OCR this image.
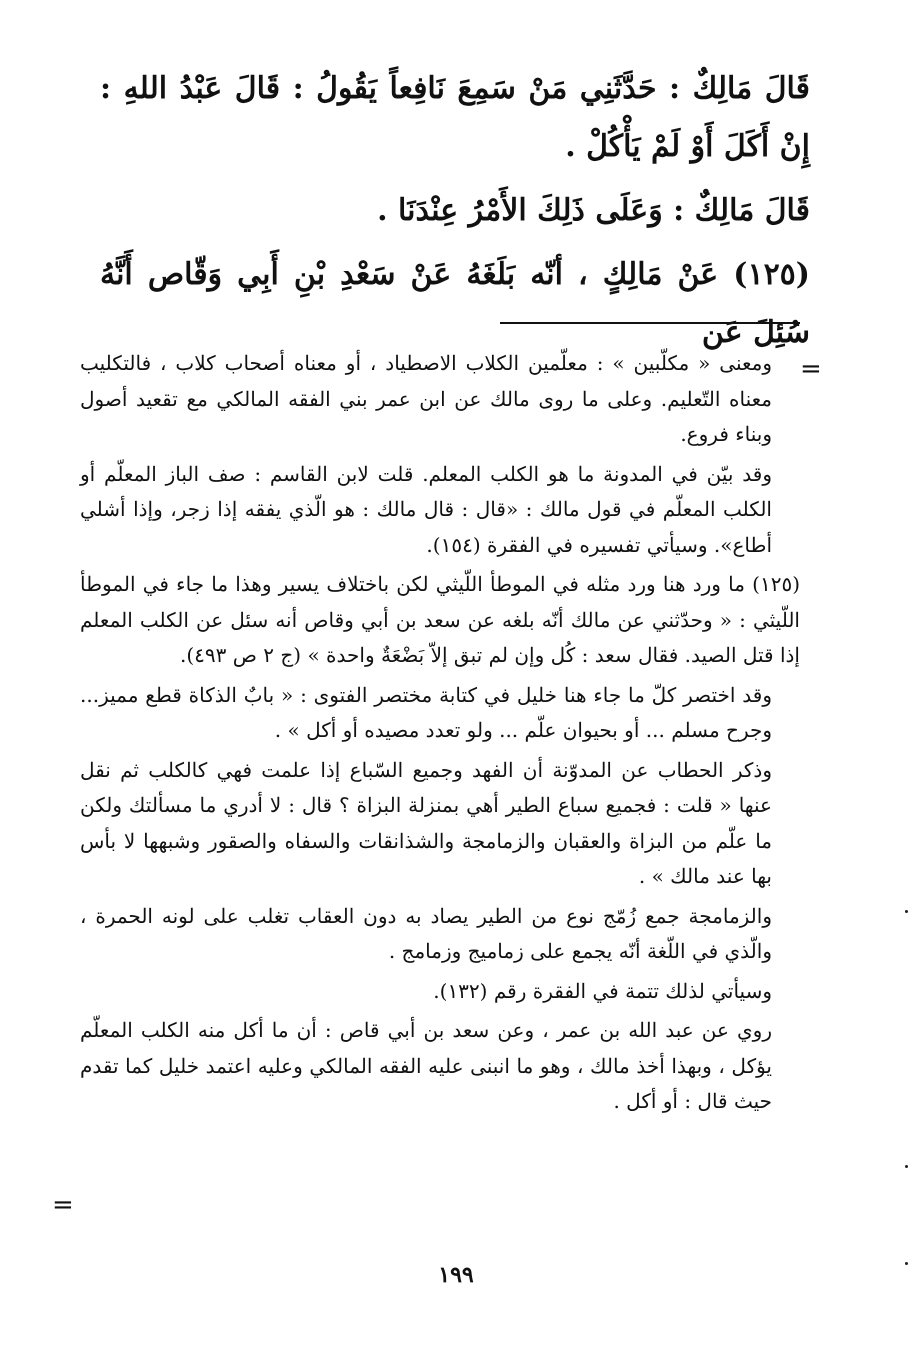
قَالَ مَالِكٌ : حَدَّثَنِي مَنْ سَمِعَ نَافِعاً يَقُولُ : قَالَ عَبْدُ اللهِ : إِنْ أَكَلَ أَوْ لَمْ يَأْكُلْ .

قَالَ مَالِكٌ : وَعَلَى ذَلِكَ الأَمْرُ عِنْدَنَا .

(١٢٥) عَنْ مَالِكٍ ، أنّه بَلَغَهُ عَنْ سَعْدِ بْنِ أَبِي وَقّاص أَنَّهُ سُئِلَ عَن

=

ومعنى « مكلّبين » : معلّمين الكلاب الاصطياد ، أو معناه أصحاب كلاب ، فالتكليب معناه التّعليم. وعلى ما روى مالك عن ابن عمر بني الفقه المالكي مع تقعيد أصول وبناء فروع.

وقد بيّن في المدونة ما هو الكلب المعلم. قلت لابن القاسم : صف الباز المعلّم أو الكلب المعلّم في قول مالك : «قال : قال مالك : هو الّذي يفقه إذا زجر، وإذا أشلي أطاع». وسيأتي تفسيره في الفقرة (١٥٤).

(١٢٥) ما ورد هنا ورد مثله في الموطأ اللّيثي لكن باختلاف يسير وهذا ما جاء في الموطأ اللّيثي : « وحدّثني عن مالك أنّه بلغه عن سعد بن أبي وقاص أنه سئل عن الكلب المعلم إذا قتل الصيد. فقال سعد : كُل وإن لم تبق إلاّ بَضْعَةٌ واحدة » (ج ٢ ص ٤٩٣).

وقد اختصر كلّ ما جاء هنا خليل في كتابة مختصر الفتوى : « بابٌ الذكاة قطع مميز... وجرح مسلم ... أو بحيوان علّم ... ولو تعدد مصيده أو أكل » .

وذكر الحطاب عن المدوّنة أن الفهد وجميع السّباع إذا علمت فهي كالكلب ثم نقل عنها « قلت : فجميع سباع الطير أهي بمنزلة البزاة ؟ قال : لا أدري ما مسألتك ولكن ما علّم من البزاة والعقبان والزمامجة والشذانقات والسفاه والصقور وشبهها لا بأس بها عند مالك » .

والزمامجة جمع زُمّج نوع من الطير يصاد به دون العقاب تغلب على لونه الحمرة ، والّذي في اللّغة أنّه يجمع على زماميج وزمامج .

وسيأتي لذلك تتمة في الفقرة رقم (١٣٢).

روي عن عبد الله بن عمر ، وعن سعد بن أبي قاص : أن ما أكل منه الكلب المعلّم يؤكل ، وبهذا أخذ مالك ، وهو ما انبنى عليه الفقه المالكي وعليه اعتمد خليل كما تقدم حيث قال : أو أكل .

=
١٩٩
